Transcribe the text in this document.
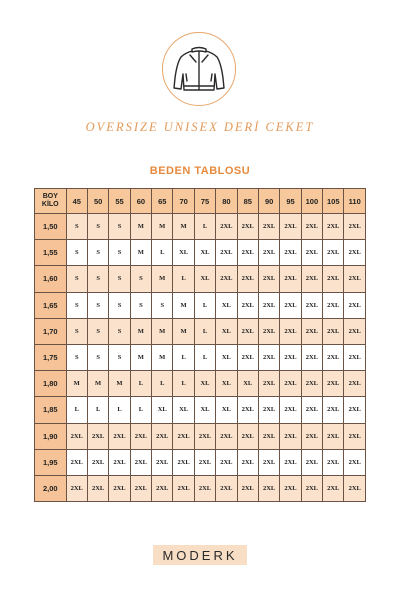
OVERSIZE UNISEX DERİ CEKET
BEDEN TABLOSU
BOY
KİLO	45	50	55	60	65	70	75	80	85	90	95	100	105	110
1,50	S	S	S	M	M	M	L	2XL	2XL	2XL	2XL	2XL	2XL	2XL
1,55	S	S	S	M	L	XL	XL	2XL	2XL	2XL	2XL	2XL	2XL	2XL
1,60	S	S	S	S	M	L	XL	2XL	2XL	2XL	2XL	2XL	2XL	2XL
1,65	S	S	S	S	S	M	L	XL	2XL	2XL	2XL	2XL	2XL	2XL
1,70	S	S	S	M	M	M	L	XL	2XL	2XL	2XL	2XL	2XL	2XL
1,75	S	S	S	M	M	L	L	XL	2XL	2XL	2XL	2XL	2XL	2XL
1,80	M	M	M	L	L	L	XL	XL	XL	2XL	2XL	2XL	2XL	2XL
1,85	L	L	L	L	XL	XL	XL	XL	2XL	2XL	2XL	2XL	2XL	2XL
1,90	2XL	2XL	2XL	2XL	2XL	2XL	2XL	2XL	2XL	2XL	2XL	2XL	2XL	2XL
1,95	2XL	2XL	2XL	2XL	2XL	2XL	2XL	2XL	2XL	2XL	2XL	2XL	2XL	2XL
2,00	2XL	2XL	2XL	2XL	2XL	2XL	2XL	2XL	2XL	2XL	2XL	2XL	2XL	2XL
MODERK
